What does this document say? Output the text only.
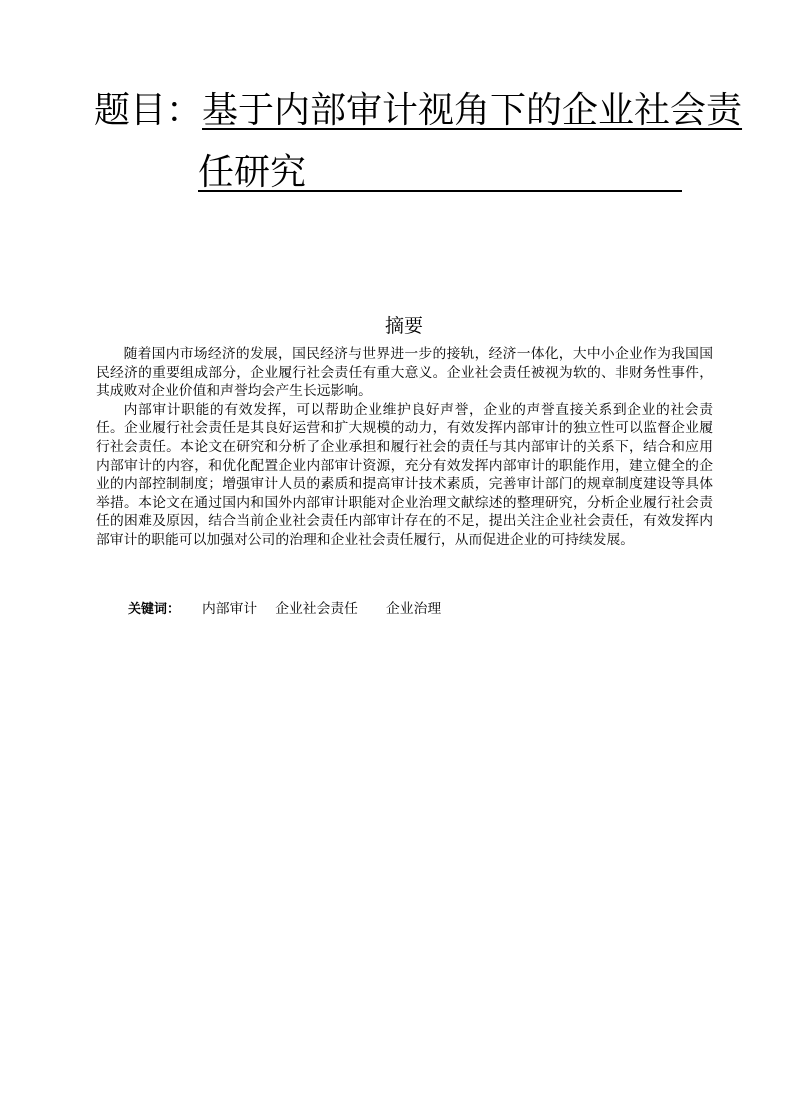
题目：基于内部审计视角下的企业社会责
任研究
摘要

随着国内市场经济的发展，国民经济与世界进一步的接轨，经济一体化，大中小企业作为我国国民经济的重要组成部分，企业履行社会责任有重大意义。企业社会责任被视为软的、非财务性事件，其成败对企业价值和声誉均会产生长远影响。

内部审计职能的有效发挥，可以帮助企业维护良好声誉，企业的声誉直接关系到企业的社会责任。企业履行社会责任是其良好运营和扩大规模的动力，有效发挥内部审计的独立性可以监督企业履行社会责任。本论文在研究和分析了企业承担和履行社会的责任与其内部审计的关系下，结合和应用内部审计的内容，和优化配置企业内部审计资源，充分有效发挥内部审计的职能作用，建立健全的企业的内部控制制度；增强审计人员的素质和提高审计技术素质，完善审计部门的规章制度建设等具体举措。本论文在通过国内和国外内部审计职能对企业治理文献综述的整理研究，分析企业履行社会责任的困难及原因，结合当前企业社会责任内部审计存在的不足，提出关注企业社会责任，有效发挥内部审计的职能可以加强对公司的治理和企业社会责任履行，从而促进企业的可持续发展。

关键词： 内部审计 企业社会责任 企业治理
